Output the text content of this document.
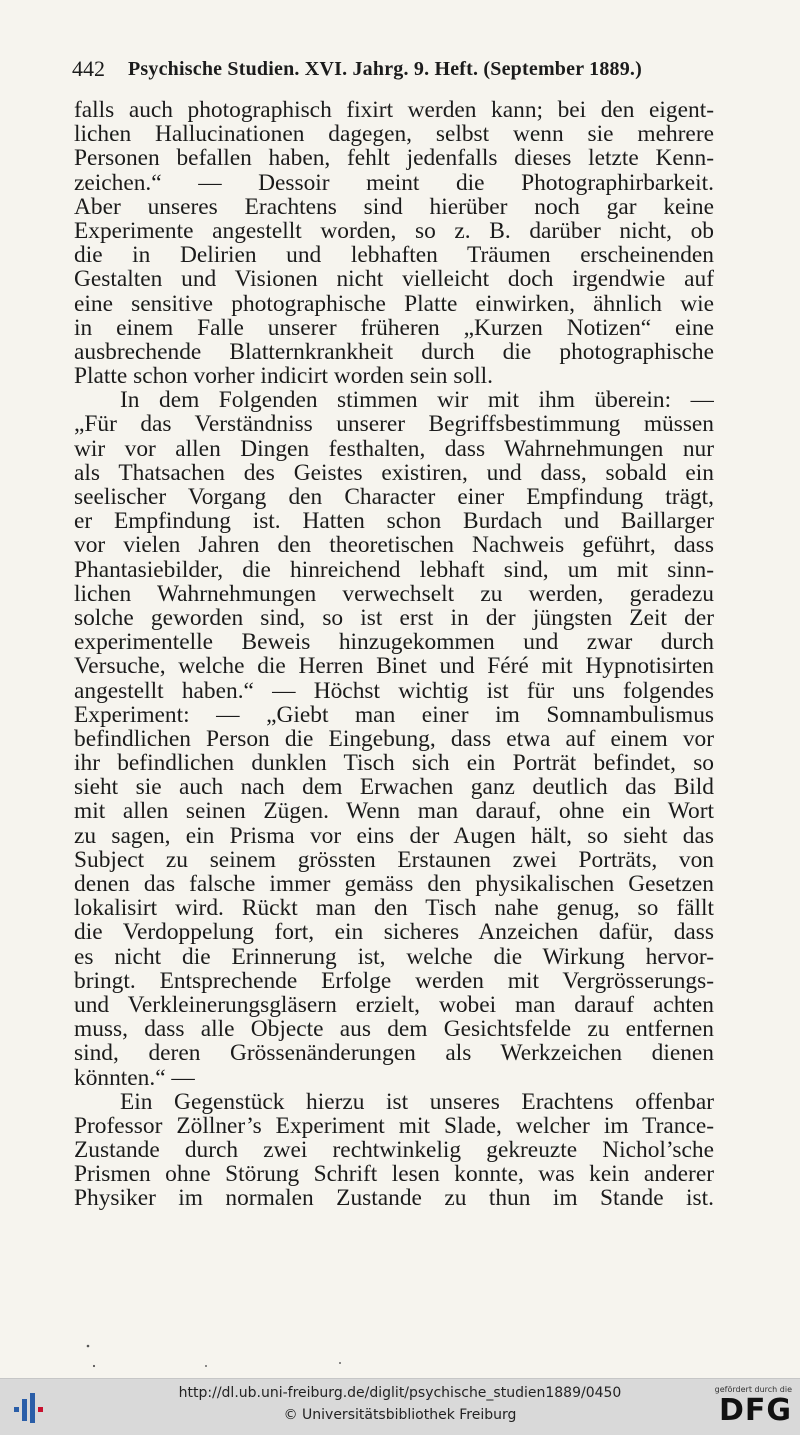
442 Psychische Studien. XVI. Jahrg. 9. Heft. (September 1889.)
falls auch photographisch fixirt werden kann; bei den eigent-
lichen Hallucinationen dagegen, selbst wenn sie mehrere
Personen befallen haben, fehlt jedenfalls dieses letzte Kenn-
zeichen.“ — Dessoir meint die Photographirbarkeit.
Aber unseres Erachtens sind hierüber noch gar keine
Experimente angestellt worden, so z. B. darüber nicht, ob
die in Delirien und lebhaften Träumen erscheinenden
Gestalten und Visionen nicht vielleicht doch irgendwie auf
eine sensitive photographische Platte einwirken, ähnlich wie
in einem Falle unserer früheren „Kurzen Notizen“ eine
ausbrechende Blatternkrankheit durch die photographische
Platte schon vorher indicirt worden sein soll.
In dem Folgenden stimmen wir mit ihm überein: —
„Für das Verständniss unserer Begriffsbestimmung müssen
wir vor allen Dingen festhalten, dass Wahrnehmungen nur
als Thatsachen des Geistes existiren, und dass, sobald ein
seelischer Vorgang den Character einer Empfindung trägt,
er Empfindung ist. Hatten schon Burdach und Baillarger
vor vielen Jahren den theoretischen Nachweis geführt, dass
Phantasiebilder, die hinreichend lebhaft sind, um mit sinn-
lichen Wahrnehmungen verwechselt zu werden, geradezu
solche geworden sind, so ist erst in der jüngsten Zeit der
experimentelle Beweis hinzugekommen und zwar durch
Versuche, welche die Herren Binet und Féré mit Hypnotisirten
angestellt haben.“ — Höchst wichtig ist für uns folgendes
Experiment: — „Giebt man einer im Somnambulismus
befindlichen Person die Eingebung, dass etwa auf einem vor
ihr befindlichen dunklen Tisch sich ein Porträt befindet, so
sieht sie auch nach dem Erwachen ganz deutlich das Bild
mit allen seinen Zügen. Wenn man darauf, ohne ein Wort
zu sagen, ein Prisma vor eins der Augen hält, so sieht das
Subject zu seinem grössten Erstaunen zwei Porträts, von
denen das falsche immer gemäss den physikalischen Gesetzen
lokalisirt wird. Rückt man den Tisch nahe genug, so fällt
die Verdoppelung fort, ein sicheres Anzeichen dafür, dass
es nicht die Erinnerung ist, welche die Wirkung hervor-
bringt. Entsprechende Erfolge werden mit Vergrösserungs-
und Verkleinerungsgläsern erzielt, wobei man darauf achten
muss, dass alle Objecte aus dem Gesichtsfelde zu entfernen
sind, deren Grössenänderungen als Werkzeichen dienen
könnten.“ —
Ein Gegenstück hierzu ist unseres Erachtens offenbar
Professor Zöllner’s Experiment mit Slade, welcher im Trance-
Zustande durch zwei rechtwinkelig gekreuzte Nichol’sche
Prismen ohne Störung Schrift lesen konnte, was kein anderer
Physiker im normalen Zustande zu thun im Stande ist.
http://dl.ub.uni-freiburg.de/diglit/psychische_studien1889/0450
© Universitätsbibliothek Freiburg
gefördert durch die
DFG
